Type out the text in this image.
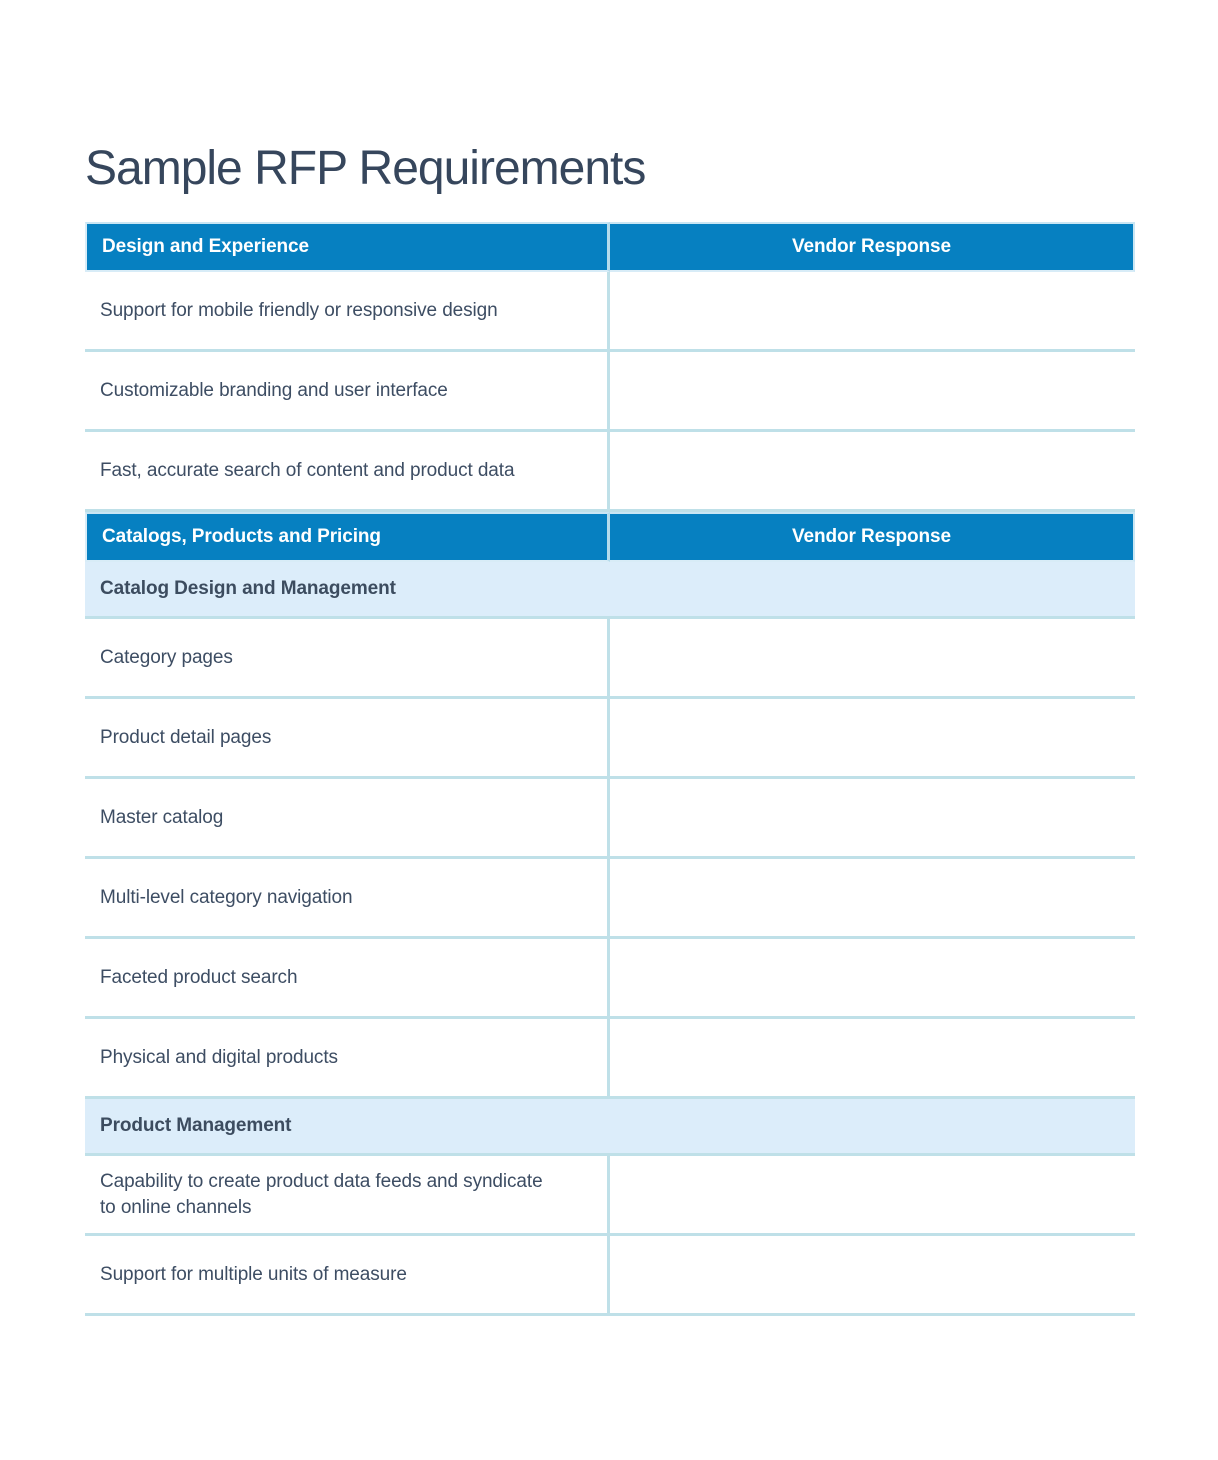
Sample RFP Requirements
Design and Experience	Vendor Response
Support for mobile friendly or responsive design	
Customizable branding and user interface	
Fast, accurate search of content and product data	
Catalogs, Products and Pricing	Vendor Response
Catalog Design and Management	
Category pages	
Product detail pages	
Master catalog	
Multi-level category navigation	
Faceted product search	
Physical and digital products	
Product Management	
Capability to create product data feeds and syndicate to online channels	
Support for multiple units of measure	
